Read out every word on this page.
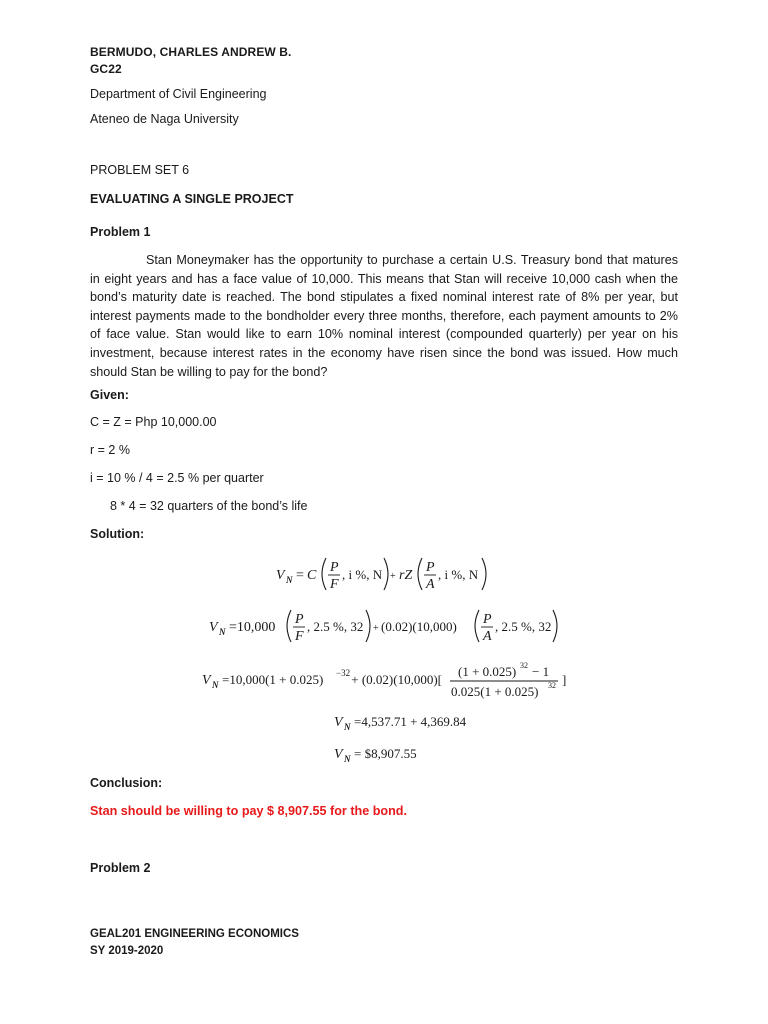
BERMUDO, CHARLES ANDREW B.
GC22
Department of Civil Engineering
Ateneo de Naga University
PROBLEM SET 6
EVALUATING A SINGLE PROJECT
Problem 1
Stan Moneymaker has the opportunity to purchase a certain U.S. Treasury bond that matures in eight years and has a face value of 10,000. This means that Stan will receive 10,000 cash when the bond’s maturity date is reached. The bond stipulates a fixed nominal interest rate of 8% per year, but interest payments made to the bondholder every three months, therefore, each payment amounts to 2% of face value. Stan would like to earn 10% nominal interest (compounded quarterly) per year on his investment, because interest rates in the economy have risen since the bond was issued. How much should Stan be willing to pay for the bond?
Given:
C = Z = Php 10,000.00
r = 2 %
i = 10 % / 4 = 2.5 % per quarter
8 * 4 = 32 quarters of the bond’s life
Solution:
V N = C
P
F
, i %, N + rZ
P
A
, i %, N
V N =10,000
P
F
, 2.5 %, 32 + (0.02)(10,000) P
A
, 2.5 %, 32
V N =10,000(1 + 0.025) −32
+ (0.02)(10,000)[
(1 + 0.025) 32 − 1
0.025(1 + 0.025) 32 ]
V N =4,537.71 + 4,369.84
V N = $8,907.55
Conclusion:
Stan should be willing to pay $ 8,907.55 for the bond.
Problem 2
GEAL201 ENGINEERING ECONOMICS
SY 2019-2020
